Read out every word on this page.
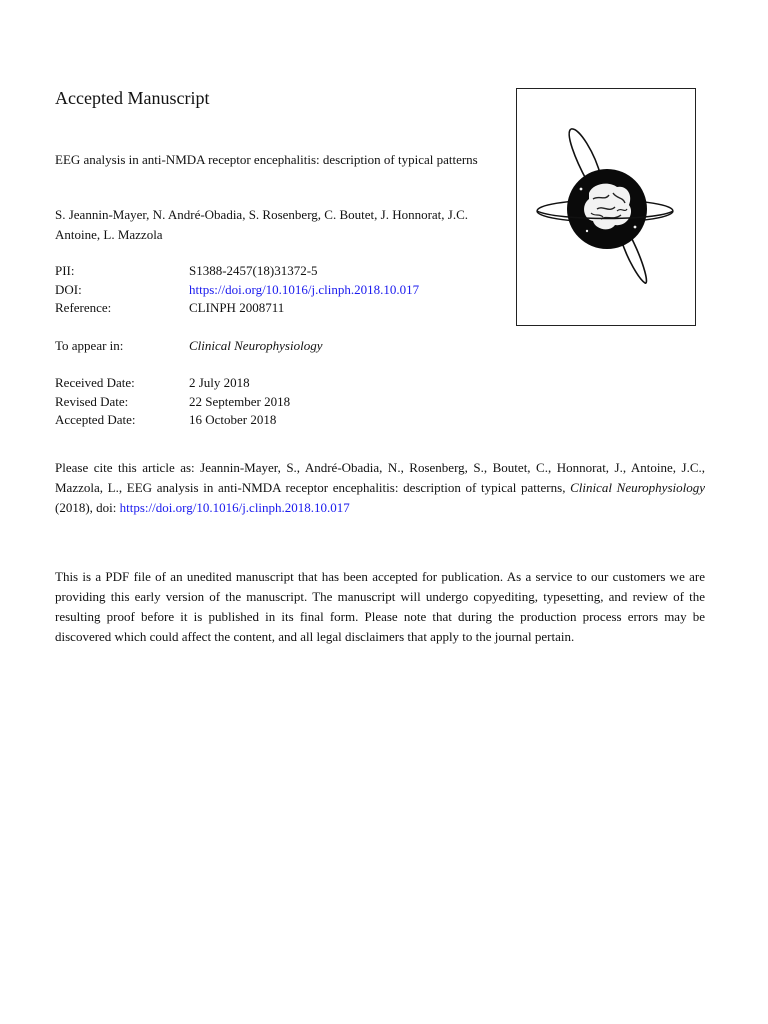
Accepted Manuscript
EEG analysis in anti-NMDA receptor encephalitis: description of typical patterns

S. Jeannin-Mayer, N. André-Obadia, S. Rosenberg, C. Boutet, J. Honnorat, J.C. Antoine, L. Mazzola

PII:	S1388-2457(18)31372-5
DOI:	https://doi.org/10.1016/j.clinph.2018.10.017
Reference:	CLINPH 2008711
To appear in:	Clinical Neurophysiology
Received Date:	2 July 2018
Revised Date:	22 September 2018
Accepted Date:	16 October 2018

Please cite this article as: Jeannin-Mayer, S., André-Obadia, N., Rosenberg, S., Boutet, C., Honnorat, J., Antoine, J.C., Mazzola, L., EEG analysis in anti-NMDA receptor encephalitis: description of typical patterns, Clinical Neurophysiology (2018), doi: https://doi.org/10.1016/j.clinph.2018.10.017

This is a PDF file of an unedited manuscript that has been accepted for publication. As a service to our customers we are providing this early version of the manuscript. The manuscript will undergo copyediting, typesetting, and review of the resulting proof before it is published in its final form. Please note that during the production process errors may be discovered which could affect the content, and all legal disclaimers that apply to the journal pertain.
